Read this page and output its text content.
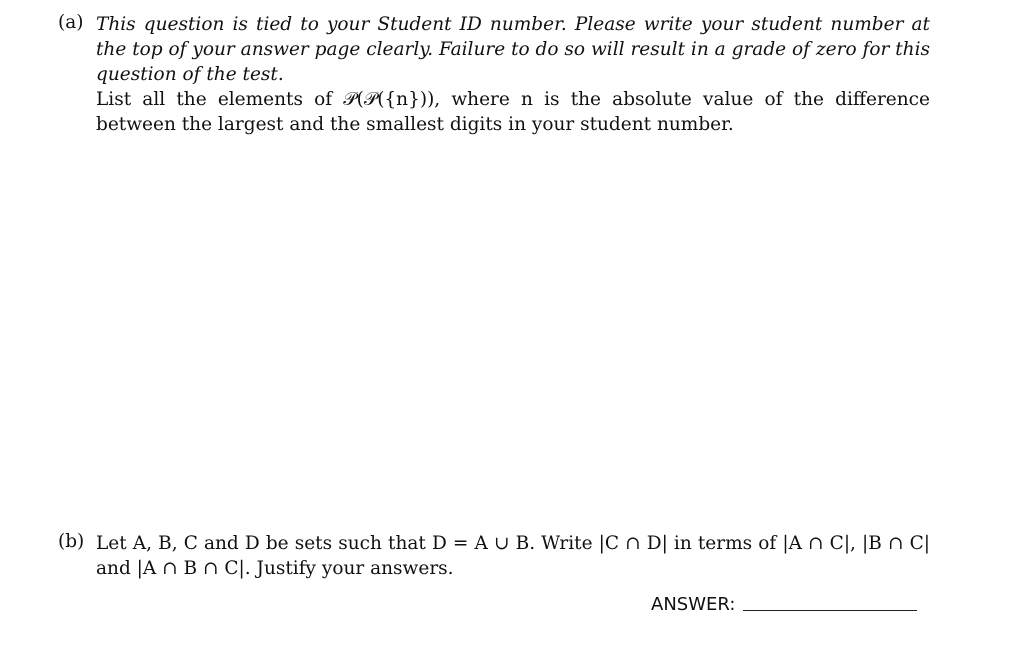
(a) This question is tied to your Student ID number. Please write your student number at the top of your answer page clearly. Failure to do so will result in a grade of zero for this question of the test.

List all the elements of 𝒫(𝒫({n})), where n is the absolute value of the difference between the largest and the smallest digits in your student number.

(b) Let A, B, C and D be sets such that D = A ∪ B. Write |C ∩ D| in terms of |A ∩ C|, |B ∩ C| and |A ∩ B ∩ C|. Justify your answers.

ANSWER:
